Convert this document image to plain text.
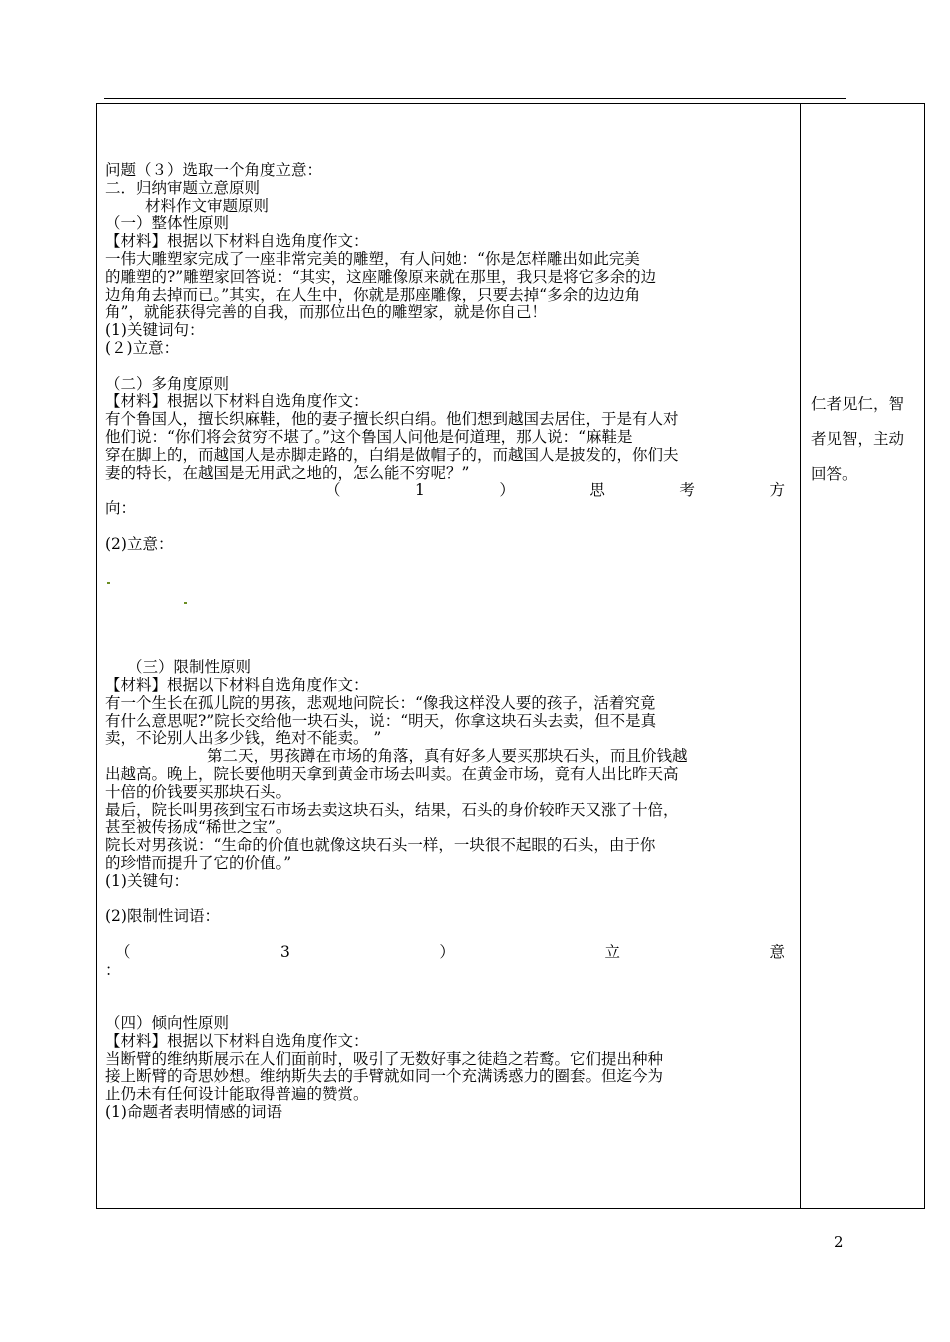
问题（３）选取一个角度立意：
二．归纳审题立意原则
材料作文审题原则
（一）整体性原则
【材料】根据以下材料自选角度作文：
一伟大雕塑家完成了一座非常完美的雕塑，有人问她：“你是怎样雕出如此完美
的雕塑的?”雕塑家回答说：“其实，这座雕像原来就在那里，我只是将它多余的边
边角角去掉而已。”其实，在人生中，你就是那座雕像，只要去掉“多余的边边角
角”，就能获得完善的自我，而那位出色的雕塑家，就是你自己！
(1)关键词句：
(２)立意：
（二）多角度原则
【材料】根据以下材料自选角度作文：
有个鲁国人，擅长织麻鞋，他的妻子擅长织白绢。他们想到越国去居住，于是有人对
他们说：“你们将会贫穷不堪了。”这个鲁国人问他是何道理，那人说：“麻鞋是
穿在脚上的，而越国人是赤脚走路的，白绢是做帽子的，而越国人是披发的，你们夫
妻的特长，在越国是无用武之地的，怎么能不穷呢？”
（	1	）	思	考	方
向：
(2)立意：
（三）限制性原则
【材料】根据以下材料自选角度作文：
有一个生长在孤儿院的男孩，悲观地问院长：“像我这样没人要的孩子，活着究竟
有什么意思呢?”院长交给他一块石头，说：“明天，你拿这块石头去卖，但不是真
卖，不论别人出多少钱，绝对不能卖。 ”
第二天，男孩蹲在市场的角落，真有好多人要买那块石头，而且价钱越
出越高。晚上，院长要他明天拿到黄金市场去叫卖。在黄金市场，竟有人出比昨天高
十倍的价钱要买那块石头。
最后，院长叫男孩到宝石市场去卖这块石头，结果，石头的身价较昨天又涨了十倍，
甚至被传扬成“稀世之宝”。
院长对男孩说：“生命的价值也就像这块石头一样，一块很不起眼的石头，由于你
的珍惜而提升了它的价值。”
(1)关键句：
(2)限制性词语：
（	3	）	立	意
：
（四）倾向性原则
【材料】根据以下材料自选角度作文：
当断臂的维纳斯展示在人们面前时，吸引了无数好事之徒趋之若鹜。它们提出种种
接上断臂的奇思妙想。维纳斯失去的手臂就如同一个充满诱惑力的圈套。但迄今为
止仍未有任何设计能取得普遍的赞赏。
(1)命题者表明情感的词语
仁者见仁，智
者见智，主动
回答。
2
